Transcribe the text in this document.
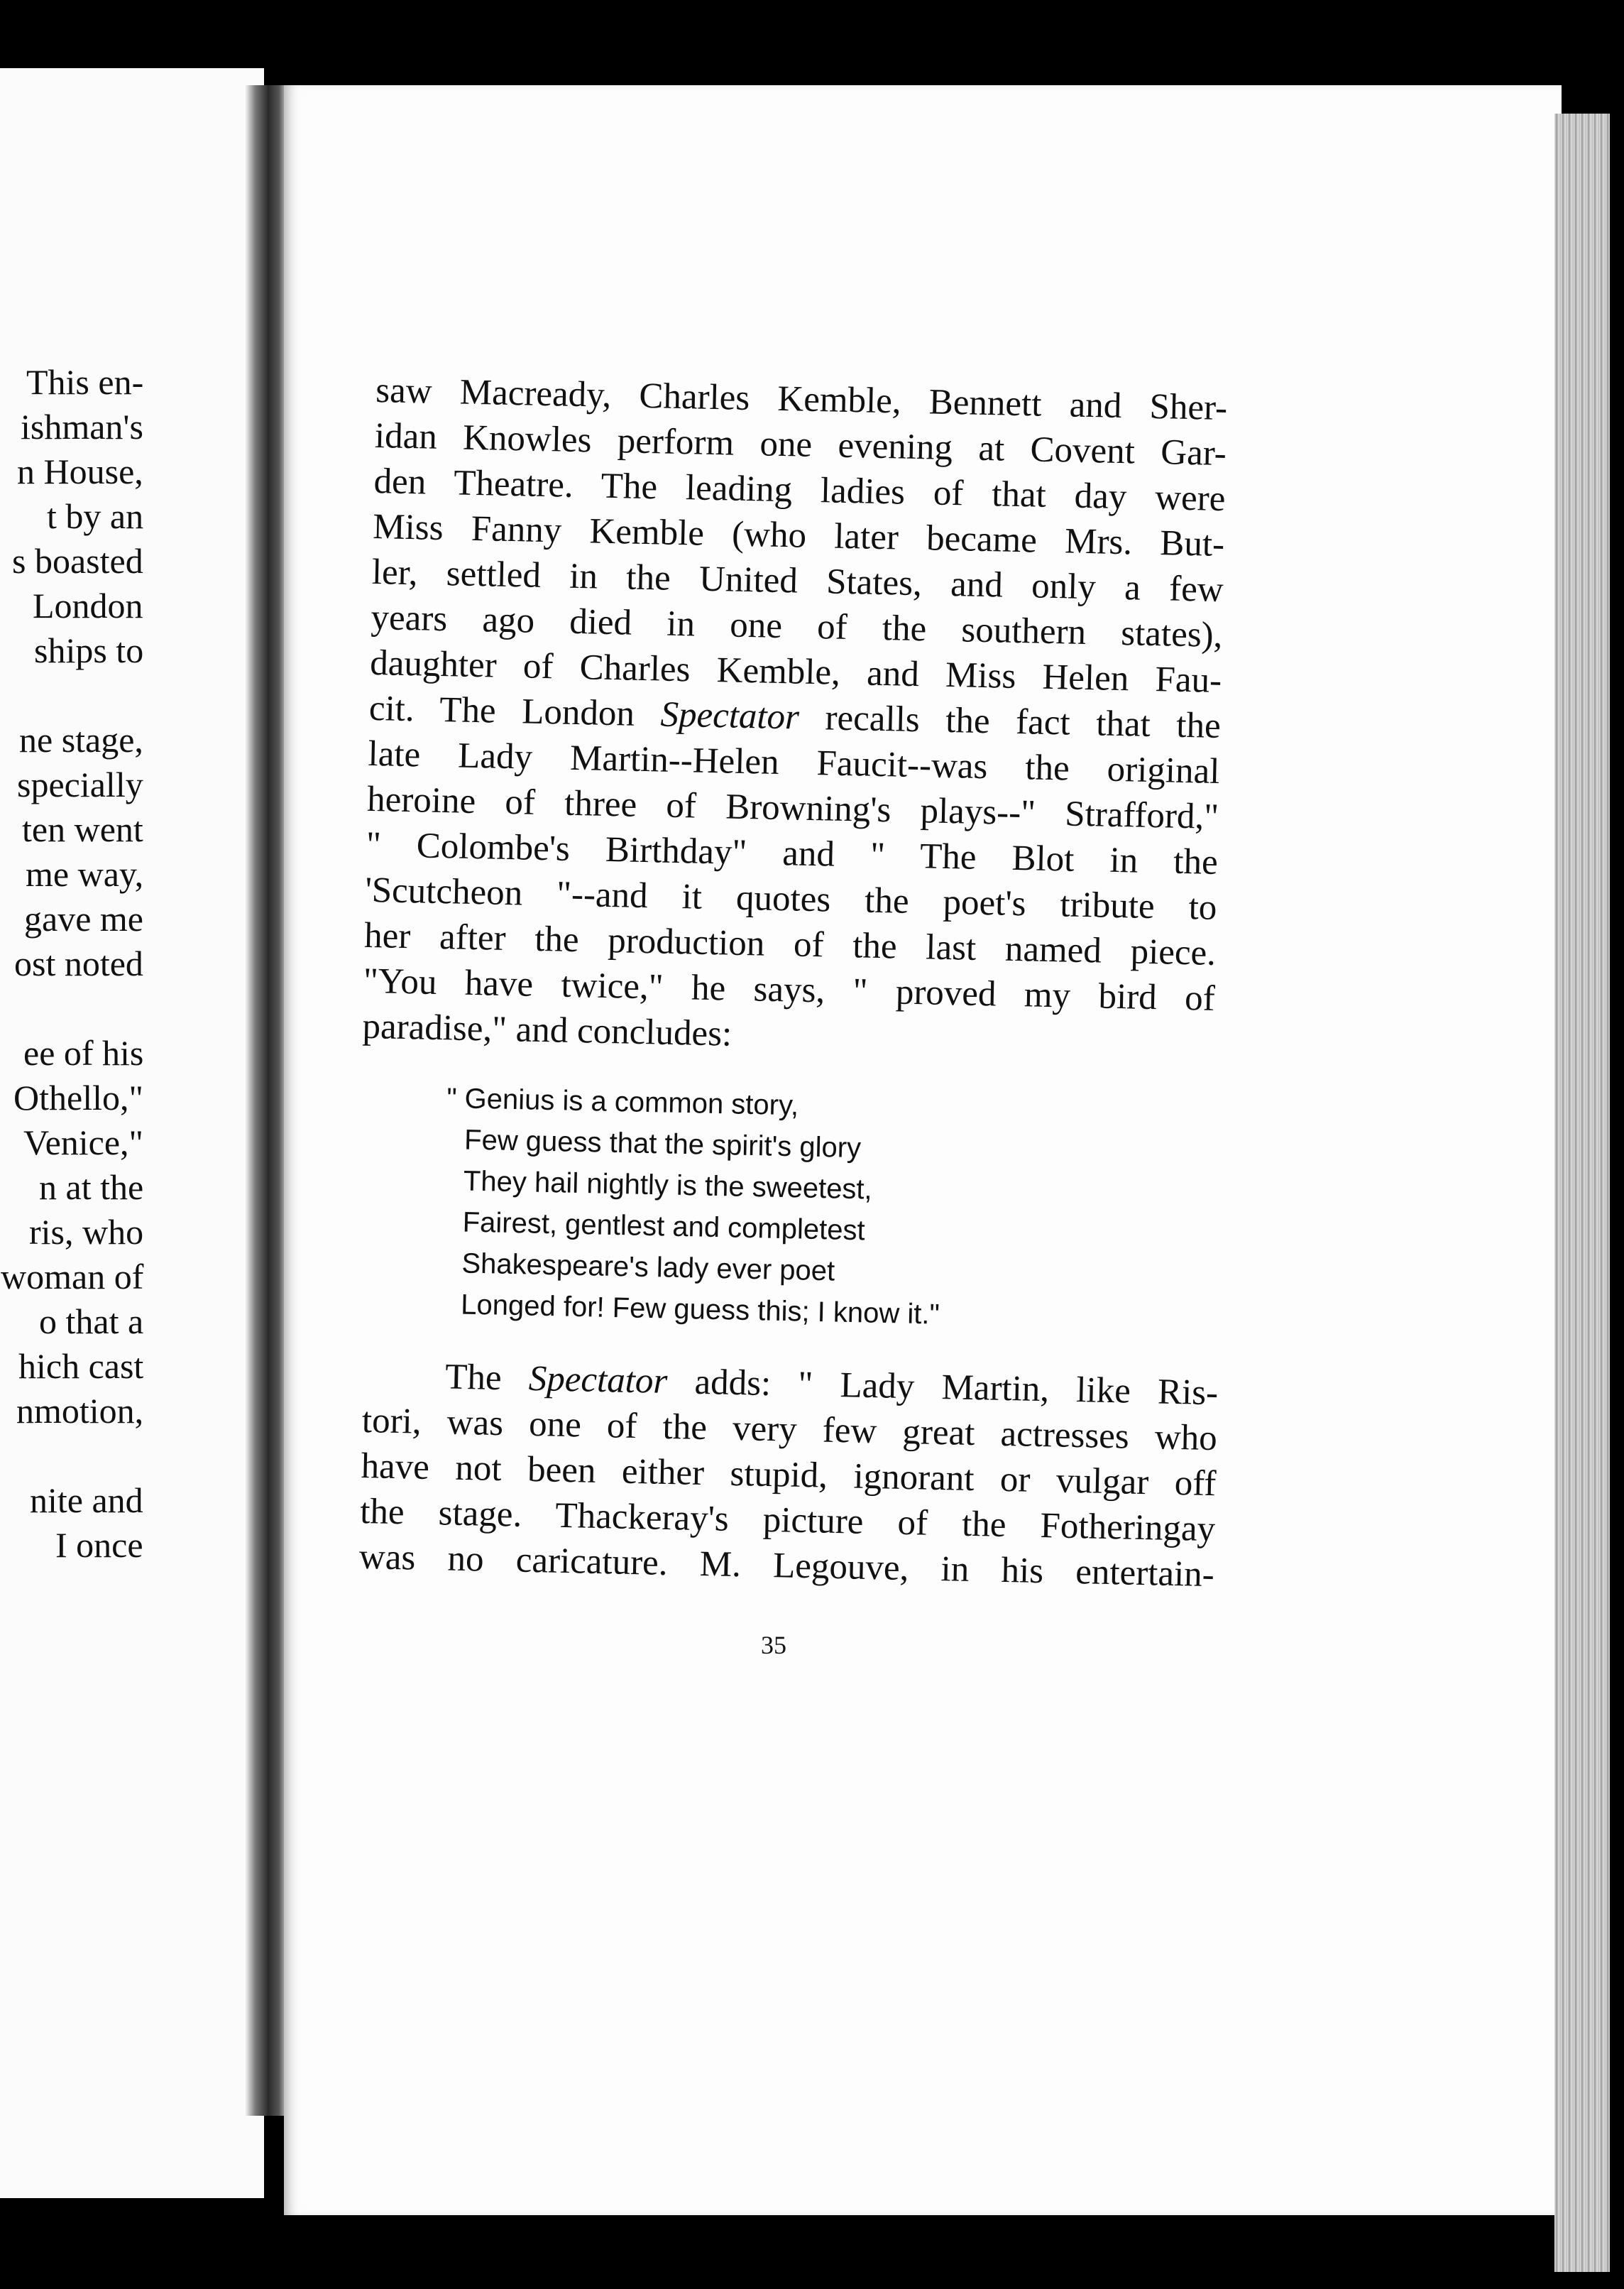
This en-
ishman's
n House,
t by an
s boasted
London
ships to
ne stage,
specially
ten went
me way,
gave me
ost noted
ee of his
Othello,"
Venice,"
n at the
ris, who
woman of
o that a
hich cast
nmotion,
nite and
I once
saw Macready, Charles Kemble, Bennett and Sher-
idan Knowles perform one evening at Covent Gar-
den Theatre. The leading ladies of that day were
Miss Fanny Kemble (who later became Mrs. But-
ler, settled in the United States, and only a few
years ago died in one of the southern states),
daughter of Charles Kemble, and Miss Helen Fau-
cit. The London Spectator recalls the fact that the
late Lady Martin--Helen Faucit--was the original
heroine of three of Browning's plays--" Strafford,"
" Colombe's Birthday" and " The Blot in the
'Scutcheon "--and it quotes the poet's tribute to
her after the production of the last named piece.
"You have twice," he says, " proved my bird of
paradise," and concludes:
" Genius is a common story,
Few guess that the spirit's glory
They hail nightly is the sweetest,
Fairest, gentlest and completest
Shakespeare's lady ever poet
Longed for! Few guess this; I know it."
The Spectator adds: " Lady Martin, like Ris-
tori, was one of the very few great actresses who
have not been either stupid, ignorant or vulgar off
the stage. Thackeray's picture of the Fotheringay
was no caricature. M. Legouve, in his entertain-
35
